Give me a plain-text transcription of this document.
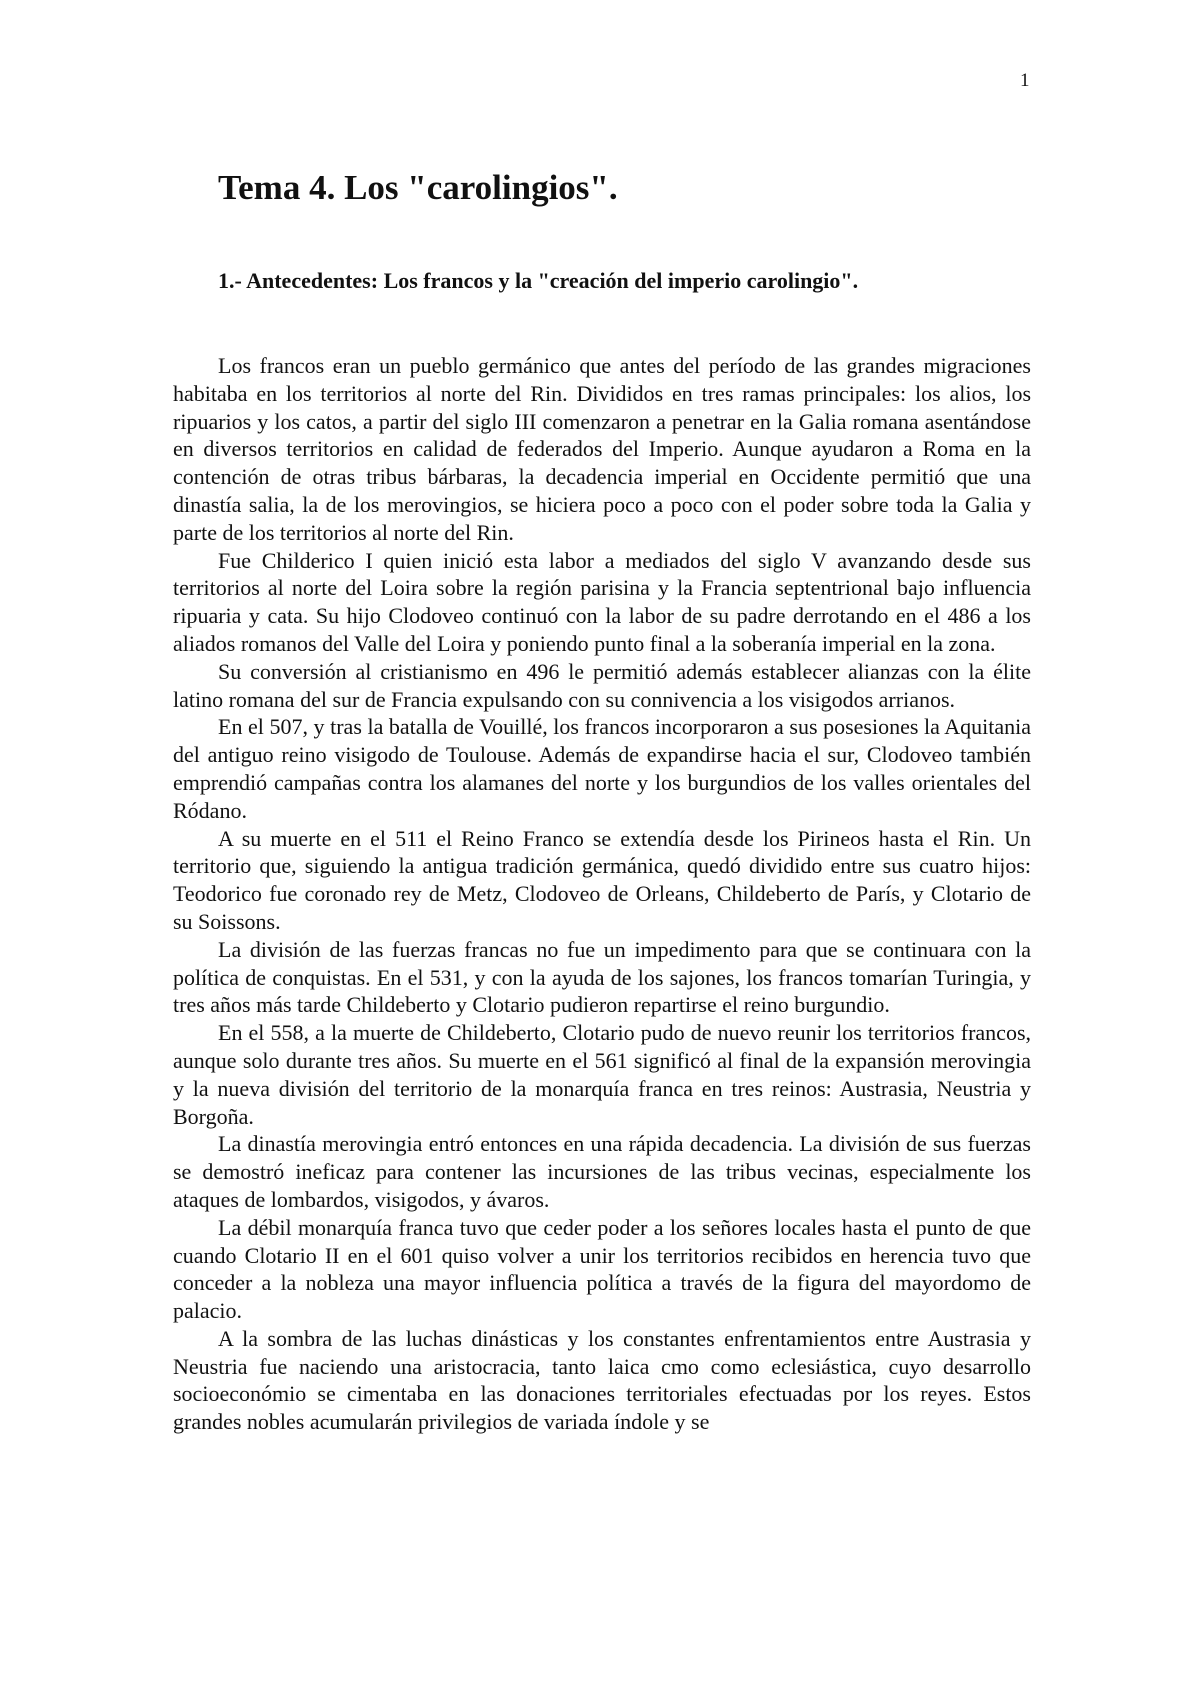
1
Tema 4. Los "carolingios".
1.- Antecedentes: Los francos y la "creación del imperio carolingio".

Los francos eran un pueblo germánico que antes del período de las grandes migraciones habitaba en los territorios al norte del Rin. Divididos en tres ramas principales: los alios, los ripuarios y los catos, a partir del siglo III comenzaron a penetrar en la Galia romana asentándose en diversos territorios en calidad de federados del Imperio. Aunque ayudaron a Roma en la contención de otras tribus bárbaras, la decadencia imperial en Occidente permitió que una dinastía salia, la de los merovingios, se hiciera poco a poco con el poder sobre toda la Galia y parte de los territorios al norte del Rin.

Fue Childerico I quien inició esta labor a mediados del siglo V avanzando desde sus territorios al norte del Loira sobre la región parisina y la Francia septentrional bajo influencia ripuaria y cata. Su hijo Clodoveo continuó con la labor de su padre derrotando en el 486 a los aliados romanos del Valle del Loira y poniendo punto final a la soberanía imperial en la zona.

Su conversión al cristianismo en 496 le permitió además establecer alianzas con la élite latino romana del sur de Francia expulsando con su connivencia a los visigodos arrianos.

En el 507, y tras la batalla de Vouillé, los francos incorporaron a sus posesiones la Aquitania del antiguo reino visigodo de Toulouse. Además de expandirse hacia el sur, Clodoveo también emprendió campañas contra los alamanes del norte y los burgundios de los valles orientales del Ródano.

A su muerte en el 511 el Reino Franco se extendía desde los Pirineos hasta el Rin. Un territorio que, siguiendo la antigua tradición germánica, quedó dividido entre sus cuatro hijos: Teodorico fue coronado rey de Metz, Clodoveo de Orleans, Childeberto de París, y Clotario de su Soissons.

La división de las fuerzas francas no fue un impedimento para que se continuara con la política de conquistas. En el 531, y con la ayuda de los sajones, los francos tomarían Turingia, y tres años más tarde Childeberto y Clotario pudieron repartirse el reino burgundio.

En el 558, a la muerte de Childeberto, Clotario pudo de nuevo reunir los territorios francos, aunque solo durante tres años. Su muerte en el 561 significó al final de la expansión merovingia y la nueva división del territorio de la monarquía franca en tres reinos: Austrasia, Neustria y Borgoña.

La dinastía merovingia entró entonces en una rápida decadencia. La división de sus fuerzas se demostró ineficaz para contener las incursiones de las tribus vecinas, especialmente los ataques de lombardos, visigodos, y ávaros.

La débil monarquía franca tuvo que ceder poder a los señores locales hasta el punto de que cuando Clotario II en el 601 quiso volver a unir los territorios recibidos en herencia tuvo que conceder a la nobleza una mayor influencia política a través de la figura del mayordomo de palacio.

A la sombra de las luchas dinásticas y los constantes enfrentamientos entre Austrasia y Neustria fue naciendo una aristocracia, tanto laica cmo como eclesiástica, cuyo desarrollo socioeconómio se cimentaba en las donaciones territoriales efectuadas por los reyes. Estos grandes nobles acumularán privilegios de variada índole y se
